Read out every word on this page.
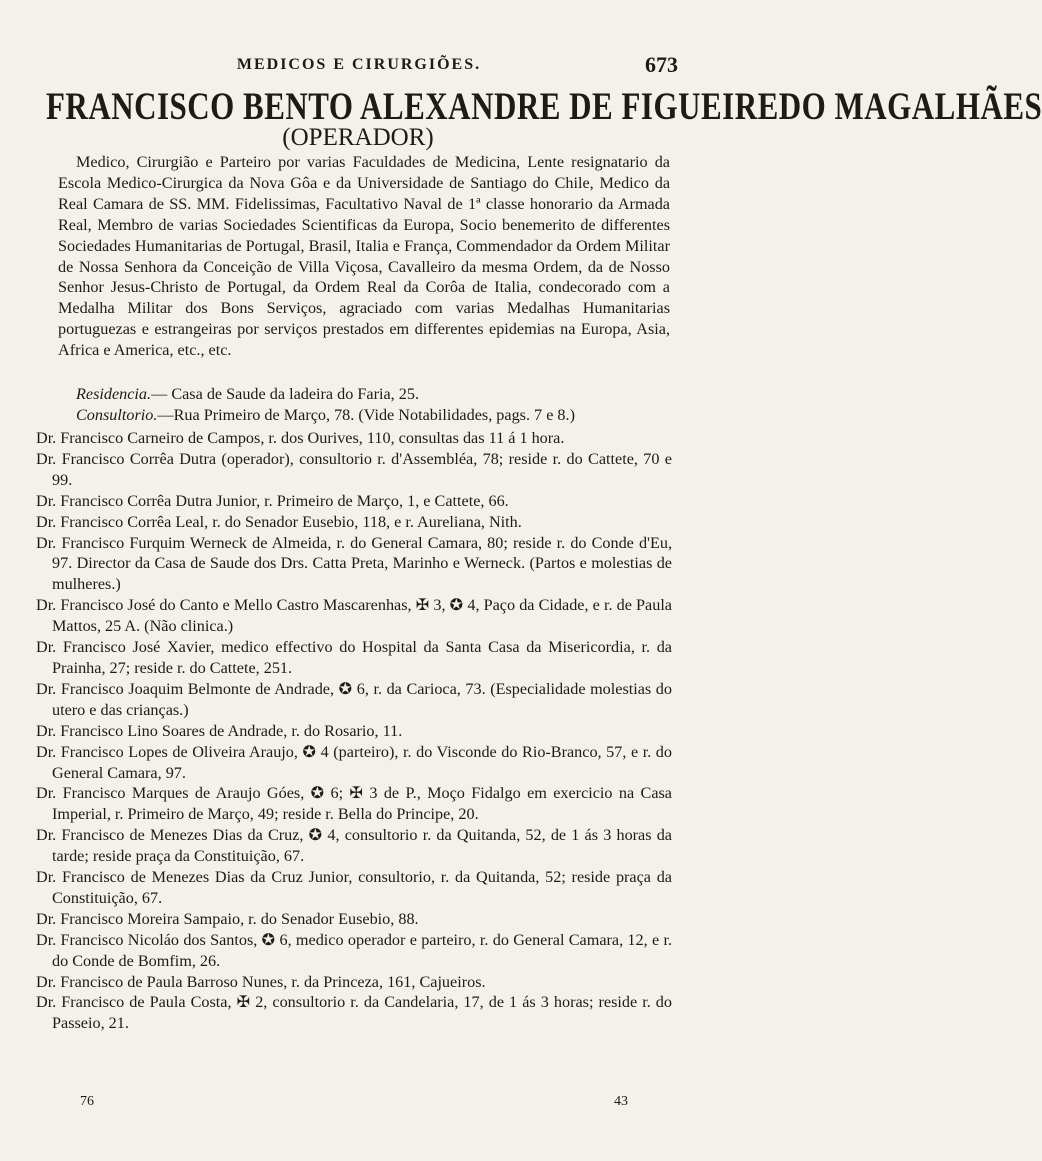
MEDICOS E CIRURGIÕES.	673
FRANCISCO BENTO ALEXANDRE DE FIGUEIREDO MAGALHÃES
(OPERADOR)
Medico, Cirurgião e Parteiro por varias Faculdades de Medicina, Lente resignatario da Escola Medico-Cirurgica da Nova Gôa e da Universidade de Santiago do Chile, Medico da Real Camara de SS. MM. Fidelissimas, Facultativo Naval de 1ª classe honorario da Armada Real, Membro de varias Sociedades Scientificas da Europa, Socio benemerito de differentes Sociedades Humanitarias de Portugal, Brasil, Italia e França, Commendador da Ordem Militar de Nossa Senhora da Conceição de Villa Viçosa, Cavalleiro da mesma Ordem, da de Nosso Senhor Jesus-Christo de Portugal, da Ordem Real da Corôa de Italia, condecorado com a Medalha Militar dos Bons Serviços, agraciado com varias Medalhas Humanitarias portuguezas e estrangeiras por serviços prestados em differentes epidemias na Europa, Asia, Africa e America, etc., etc.
Residencia.— Casa de Saude da ladeira do Faria, 25.
Consultorio.—Rua Primeiro de Março, 78. (Vide Notabilidades, pags. 7 e 8.)
Dr. Francisco Carneiro de Campos, r. dos Ourives, 110, consultas das 11 á 1 hora.
Dr. Francisco Corrêa Dutra (operador), consultorio r. d'Assembléa, 78; reside r. do Cattete, 70 e 99.
Dr. Francisco Corrêa Dutra Junior, r. Primeiro de Março, 1, e Cattete, 66.
Dr. Francisco Corrêa Leal, r. do Senador Eusebio, 118, e r. Aureliana, Nith.
Dr. Francisco Furquim Werneck de Almeida, r. do General Camara, 80; reside r. do Conde d'Eu, 97. Director da Casa de Saude dos Drs. Catta Preta, Marinho e Werneck. (Partos e molestias de mulheres.)
Dr. Francisco José do Canto e Mello Castro Mascarenhas, ✠ 3, ✪ 4, Paço da Cidade, e r. de Paula Mattos, 25 A. (Não clinica.)
Dr. Francisco José Xavier, medico effectivo do Hospital da Santa Casa da Misericordia, r. da Prainha, 27; reside r. do Cattete, 251.
Dr. Francisco Joaquim Belmonte de Andrade, ✪ 6, r. da Carioca, 73. (Especialidade molestias do utero e das crianças.)
Dr. Francisco Lino Soares de Andrade, r. do Rosario, 11.
Dr. Francisco Lopes de Oliveira Araujo, ✪ 4 (parteiro), r. do Visconde do Rio-Branco, 57, e r. do General Camara, 97.
Dr. Francisco Marques de Araujo Góes, ✪ 6; ✠ 3 de P., Moço Fidalgo em exercicio na Casa Imperial, r. Primeiro de Março, 49; reside r. Bella do Principe, 20.
Dr. Francisco de Menezes Dias da Cruz, ✪ 4, consultorio r. da Quitanda, 52, de 1 ás 3 horas da tarde; reside praça da Constituição, 67.
Dr. Francisco de Menezes Dias da Cruz Junior, consultorio, r. da Quitanda, 52; reside praça da Constituição, 67.
Dr. Francisco Moreira Sampaio, r. do Senador Eusebio, 88.
Dr. Francisco Nicoláo dos Santos, ✪ 6, medico operador e parteiro, r. do General Camara, 12, e r. do Conde de Bomfim, 26.
Dr. Francisco de Paula Barroso Nunes, r. da Princeza, 161, Cajueiros.
Dr. Francisco de Paula Costa, ✠ 2, consultorio r. da Candelaria, 17, de 1 ás 3 horas; reside r. do Passeio, 21.
76	43
